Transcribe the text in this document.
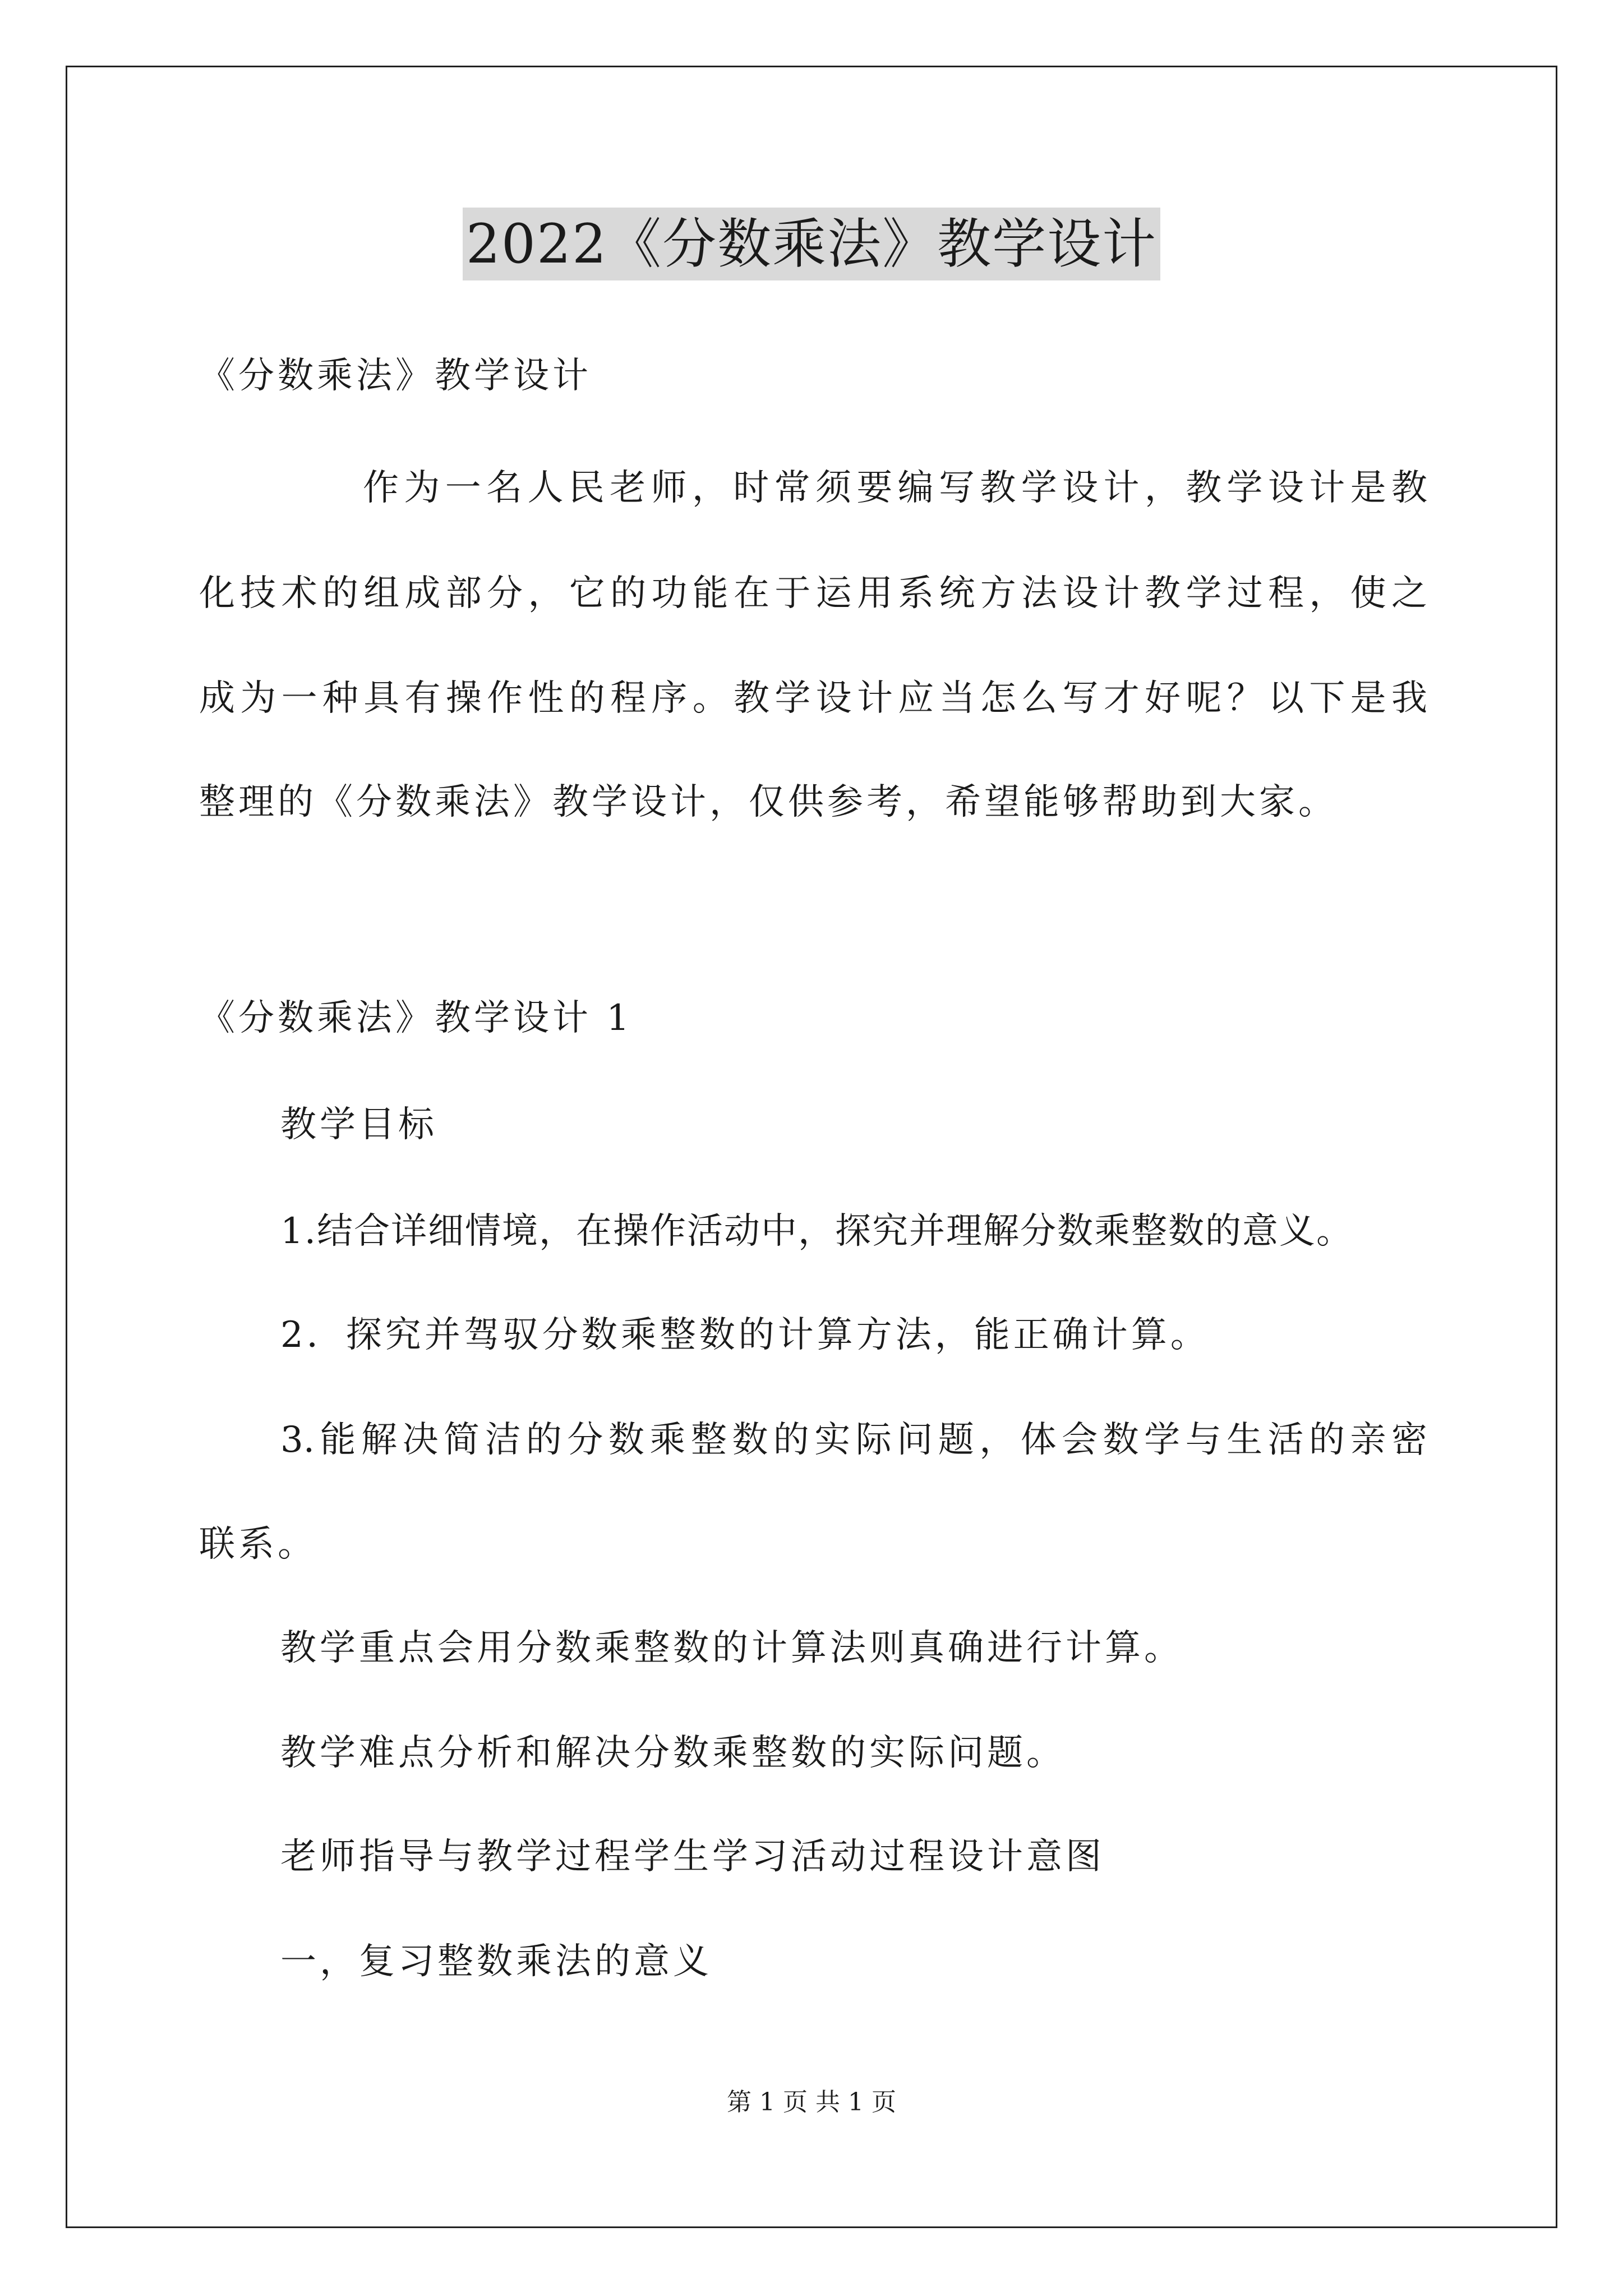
2022《分数乘法》教学设计
《分数乘法》教学设计
作为一名人民老师，时常须要编写教学设计，教学设计是教
化技术的组成部分，它的功能在于运用系统方法设计教学过程，使之
成为一种具有操作性的程序。教学设计应当怎么写才好呢？以下是我
整理的《分数乘法》教学设计，仅供参考，希望能够帮助到大家。
《分数乘法》教学设计 1
教学目标
1.结合详细情境，在操作活动中，探究并理解分数乘整数的意义。
2．探究并驾驭分数乘整数的计算方法，能正确计算。
3.能解决简洁的分数乘整数的实际问题，体会数学与生活的亲密
联系。
教学重点会用分数乘整数的计算法则真确进行计算。
教学难点分析和解决分数乘整数的实际问题。
老师指导与教学过程学生学习活动过程设计意图
一，复习整数乘法的意义
第 1 页 共 1 页
